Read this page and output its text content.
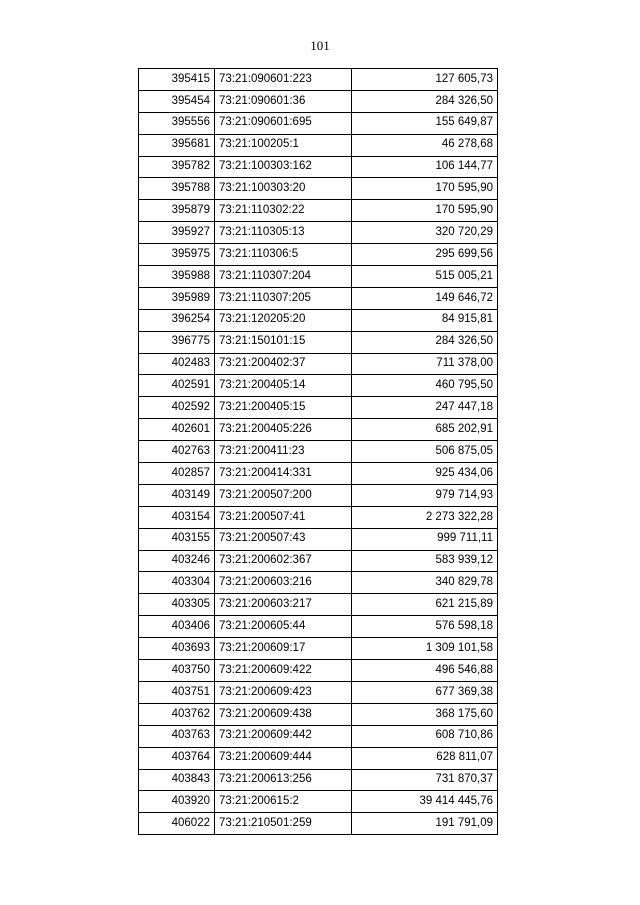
101
395415	73:21:090601:223	127 605,73
395454	73:21:090601:36	284 326,50
395556	73:21:090601:695	155 649,87
395681	73:21:100205:1	46 278,68
395782	73:21:100303:162	106 144,77
395788	73:21:100303:20	170 595,90
395879	73:21:110302:22	170 595,90
395927	73:21:110305:13	320 720,29
395975	73:21:110306:5	295 699,56
395988	73:21:110307:204	515 005,21
395989	73:21:110307:205	149 646,72
396254	73:21:120205:20	84 915,81
396775	73:21:150101:15	284 326,50
402483	73:21:200402:37	711 378,00
402591	73:21:200405:14	460 795,50
402592	73:21:200405:15	247 447,18
402601	73:21:200405:226	685 202,91
402763	73:21:200411:23	506 875,05
402857	73:21:200414:331	925 434,06
403149	73:21:200507:200	979 714,93
403154	73:21:200507:41	2 273 322,28
403155	73:21:200507:43	999 711,11
403246	73:21:200602:367	583 939,12
403304	73:21:200603:216	340 829,78
403305	73:21:200603:217	621 215,89
403406	73:21:200605:44	576 598,18
403693	73:21:200609:17	1 309 101,58
403750	73:21:200609:422	496 546,88
403751	73:21:200609:423	677 369,38
403762	73:21:200609:438	368 175,60
403763	73:21:200609:442	608 710,86
403764	73:21:200609:444	628 811,07
403843	73:21:200613:256	731 870,37
403920	73:21:200615:2	39 414 445,76
406022	73:21:210501:259	191 791,09
